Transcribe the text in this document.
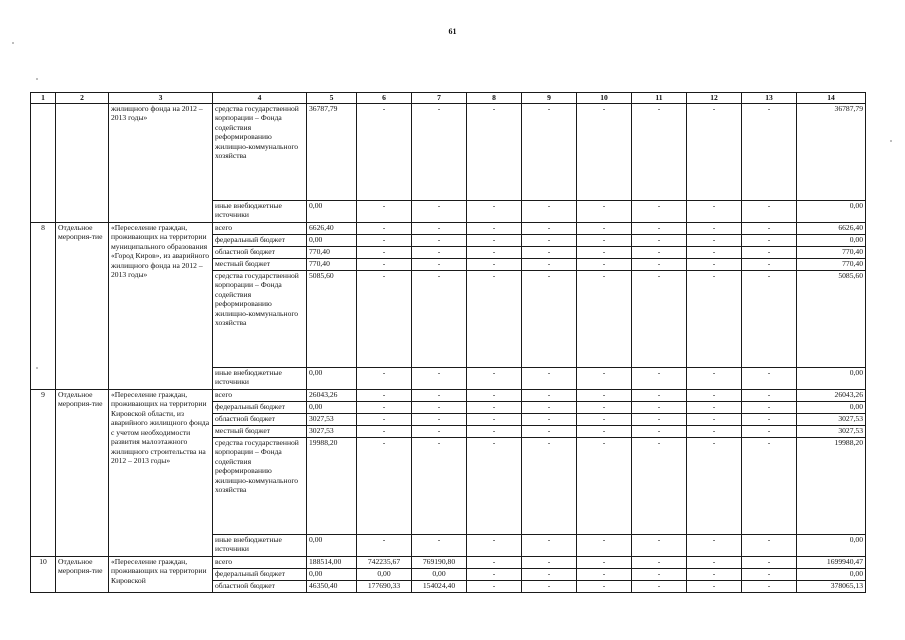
61
1	2	3	4	5	6	7	8	9	10	11	12	13	14
		жилищного фонда на 2012 – 2013 годы»	средства государственной корпорации – Фонда содействия реформированию жилищно-коммунального хозяйства	36787,79	-	-	-	-	-	-	-	-	36787,79
			иные внебюджетные источники	0,00	-	-	-	-	-	-	-	-	0,00
8	Отдельное мероприя-тие	«Переселение граждан, проживающих на территории муниципального образования «Город Киров», из аварийного жилищного фонда на 2012 – 2013 годы»	всего	6626,40	-	-	-	-	-	-	-	-	6626,40
			федеральный бюджет	0,00	-	-	-	-	-	-	-	-	0,00
			областной бюджет	770,40	-	-	-	-	-	-	-	-	770,40
			местный бюджет	770,40	-	-	-	-	-	-	-	-	770,40
			средства государственной корпорации – Фонда содействия реформированию жилищно-коммунального хозяйства	5085,60	-	-	-	-	-	-	-	-	5085,60
			иные внебюджетные источники	0,00	-	-	-	-	-	-	-	-	0,00
9	Отдельное мероприя-тие	«Переселение граждан, проживающих на территории Кировской области, из аварийного жилищного фонда с учетом необходимости развития малоэтажного жилищного строительства на 2012 – 2013 годы»	всего	26043,26	-	-	-	-	-	-	-	-	26043,26
			федеральный бюджет	0,00	-	-	-	-	-	-	-	-	0,00
			областной бюджет	3027,53	-	-	-	-	-	-	-	-	3027,53
			местный бюджет	3027,53	-	-	-	-	-	-	-	-	3027,53
			средства государственной корпорации – Фонда содействия реформированию жилищно-коммунального хозяйства	19988,20	-	-	-	-	-	-	-	-	19988,20
			иные внебюджетные источники	0,00	-	-	-	-	-	-	-	-	0,00
10	Отдельное мероприя-тие	«Переселение граждан, проживающих на территории Кировской	всего	188514,00	742235,67	769190,80	-	-	-	-	-	-	1699940,47
			федеральный бюджет	0,00	0,00	0,00	-	-	-	-	-	-	0,00
			областной бюджет	46350,40	177690,33	154024,40	-	-	-	-	-	-	378065,13
